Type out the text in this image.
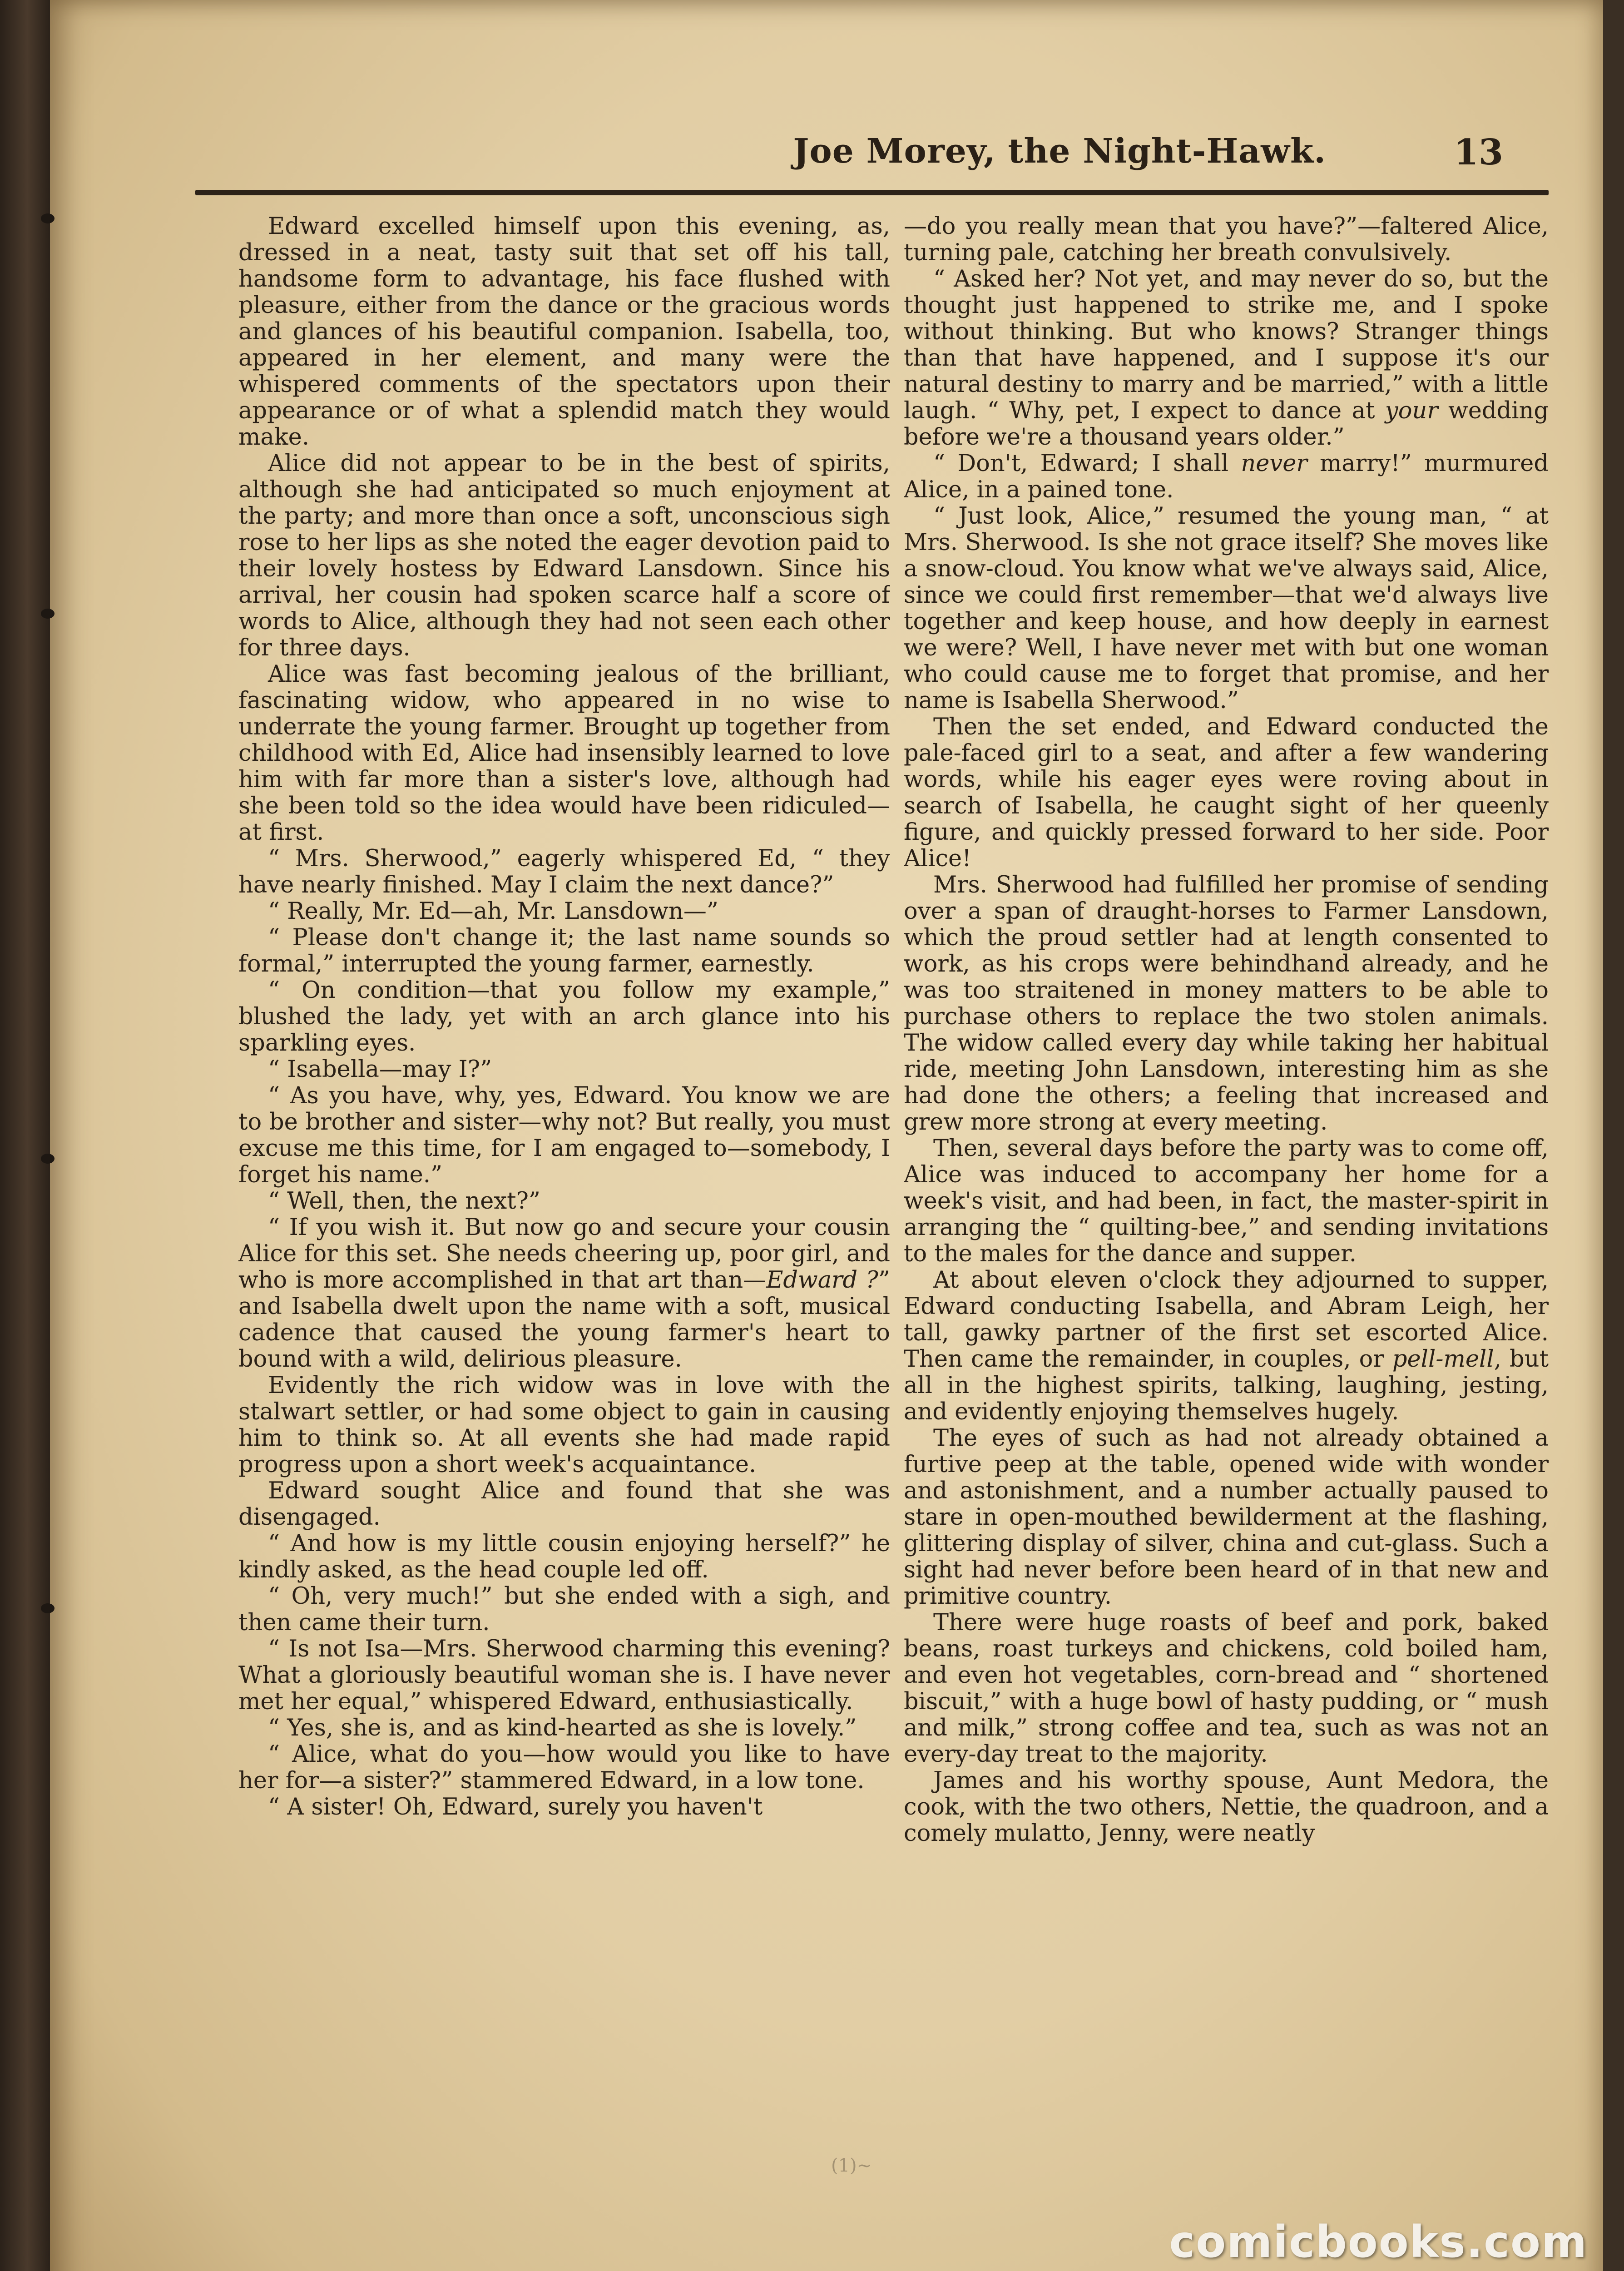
Joe Morey, the Night-Hawk.	13

Edward excelled himself upon this evening, as, dressed in a neat, tasty suit that set off his tall, handsome form to advantage, his face flushed with pleasure, either from the dance or the gracious words and glances of his beautiful companion. Isabella, too, appeared in her element, and many were the whispered comments of the spectators upon their appearance or of what a splendid match they would make.

Alice did not appear to be in the best of spirits, although she had anticipated so much enjoyment at the party; and more than once a soft, unconscious sigh rose to her lips as she noted the eager devotion paid to their lovely hostess by Edward Lansdown. Since his arrival, her cousin had spoken scarce half a score of words to Alice, although they had not seen each other for three days.

Alice was fast becoming jealous of the brilliant, fascinating widow, who appeared in no wise to underrate the young farmer. Brought up together from childhood with Ed, Alice had insensibly learned to love him with far more than a sister's love, although had she been told so the idea would have been ridiculed—at first.

“ Mrs. Sherwood,” eagerly whispered Ed, “ they have nearly finished. May I claim the next dance?”

“ Really, Mr. Ed—ah, Mr. Lansdown—”

“ Please don't change it; the last name sounds so formal,” interrupted the young farmer, earnestly.

“ On condition—that you follow my example,” blushed the lady, yet with an arch glance into his sparkling eyes.

“ Isabella—may I?”

“ As you have, why, yes, Edward. You know we are to be brother and sister—why not? But really, you must excuse me this time, for I am engaged to—somebody, I forget his name.”

“ Well, then, the next?”

“ If you wish it. But now go and secure your cousin Alice for this set. She needs cheering up, poor girl, and who is more accomplished in that art than—Edward ?” and Isabella dwelt upon the name with a soft, musical cadence that caused the young farmer's heart to bound with a wild, delirious pleasure.

Evidently the rich widow was in love with the stalwart settler, or had some object to gain in causing him to think so. At all events she had made rapid progress upon a short week's acquaintance.

Edward sought Alice and found that she was disengaged.

“ And how is my little cousin enjoying herself?” he kindly asked, as the head couple led off.

“ Oh, very much!” but she ended with a sigh, and then came their turn.

“ Is not Isa—Mrs. Sherwood charming this evening? What a gloriously beautiful woman she is. I have never met her equal,” whispered Edward, enthusiastically.

“ Yes, she is, and as kind-hearted as she is lovely.”

“ Alice, what do you—how would you like to have her for—a sister?” stammered Edward, in a low tone.

“ A sister! Oh, Edward, surely you haven't

—do you really mean that you have?”—faltered Alice, turning pale, catching her breath convulsively.

“ Asked her? Not yet, and may never do so, but the thought just happened to strike me, and I spoke without thinking. But who knows? Stranger things than that have happened, and I suppose it's our natural destiny to marry and be married,” with a little laugh. “ Why, pet, I expect to dance at your wedding before we're a thousand years older.”

“ Don't, Edward; I shall never marry!” murmured Alice, in a pained tone.

“ Just look, Alice,” resumed the young man, “ at Mrs. Sherwood. Is she not grace itself? She moves like a snow-cloud. You know what we've always said, Alice, since we could first remember—that we'd always live together and keep house, and how deeply in earnest we were? Well, I have never met with but one woman who could cause me to forget that promise, and her name is Isabella Sherwood.”

Then the set ended, and Edward conducted the pale-faced girl to a seat, and after a few wandering words, while his eager eyes were roving about in search of Isabella, he caught sight of her queenly figure, and quickly pressed forward to her side. Poor Alice!

Mrs. Sherwood had fulfilled her promise of sending over a span of draught-horses to Farmer Lansdown, which the proud settler had at length consented to work, as his crops were behindhand already, and he was too straitened in money matters to be able to purchase others to replace the two stolen animals. The widow called every day while taking her habitual ride, meeting John Lansdown, interesting him as she had done the others; a feeling that increased and grew more strong at every meeting.

Then, several days before the party was to come off, Alice was induced to accompany her home for a week's visit, and had been, in fact, the master-spirit in arranging the “ quilting-bee,” and sending invitations to the males for the dance and supper.

At about eleven o'clock they adjourned to supper, Edward conducting Isabella, and Abram Leigh, her tall, gawky partner of the first set escorted Alice. Then came the remainder, in couples, or pell-mell, but all in the highest spirits, talking, laughing, jesting, and evidently enjoying themselves hugely.

The eyes of such as had not already obtained a furtive peep at the table, opened wide with wonder and astonishment, and a number actually paused to stare in open-mouthed bewilderment at the flashing, glittering display of silver, china and cut-glass. Such a sight had never before been heard of in that new and primitive country.

There were huge roasts of beef and pork, baked beans, roast turkeys and chickens, cold boiled ham, and even hot vegetables, corn-bread and “ shortened biscuit,” with a huge bowl of hasty pudding, or “ mush and milk,” strong coffee and tea, such as was not an every-day treat to the majority.

James and his worthy spouse, Aunt Medora, the cook, with the two others, Nettie, the quadroon, and a comely mulatto, Jenny, were neatly

(1)~
comicbooks.com
